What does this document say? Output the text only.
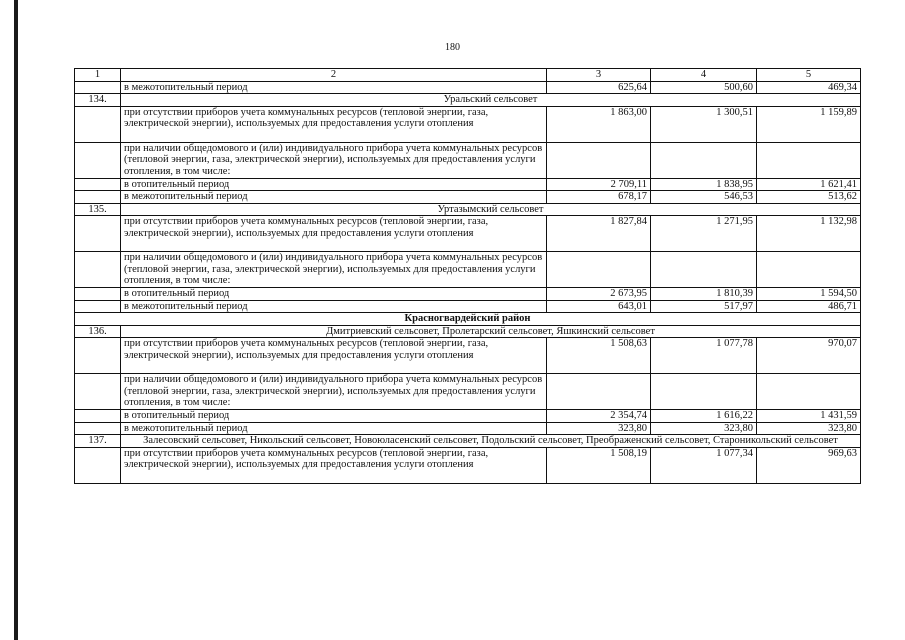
180
1	2	3	4	5
	в межотопительный период	625,64	500,60	469,34
134.	Уральский сельсовет			
	при отсутствии приборов учета коммунальных ресурсов (тепловой энергии, газа, электрической энергии), используемых для предоставления услуги отопления	1 863,00	1 300,51	1 159,89
	при наличии общедомового и (или) индивидуального прибора учета коммунальных ресурсов (тепловой энергии, газа, электрической энергии), используемых для предоставления услуги отопления, в том числе:			
	в отопительный период	2 709,11	1 838,95	1 621,41
	в межотопительный период	678,17	546,53	513,62
135.	Уртазымский сельсовет			
	при отсутствии приборов учета коммунальных ресурсов (тепловой энергии, газа, электрической энергии), используемых для предоставления услуги отопления	1 827,84	1 271,95	1 132,98
	при наличии общедомового и (или) индивидуального прибора учета коммунальных ресурсов (тепловой энергии, газа, электрической энергии), используемых для предоставления услуги отопления, в том числе:			
	в отопительный период	2 673,95	1 810,39	1 594,50
	в межотопительный период	643,01	517,97	486,71
Красногвардейский район				
136.	Дмитриевский сельсовет, Пролетарский сельсовет, Яшкинский сельсовет			
	при отсутствии приборов учета коммунальных ресурсов (тепловой энергии, газа, электрической энергии), используемых для предоставления услуги отопления	1 508,63	1 077,78	970,07
	при наличии общедомового и (или) индивидуального прибора учета коммунальных ресурсов (тепловой энергии, газа, электрической энергии), используемых для предоставления услуги отопления, в том числе:			
	в отопительный период	2 354,74	1 616,22	1 431,59
	в межотопительный период	323,80	323,80	323,80
137.	Залесовский сельсовет, Никольский сельсовет, Новоюласенский сельсовет, Подольский сельсовет, Преображенский сельсовет, Староникольский сельсовет			
	при отсутствии приборов учета коммунальных ресурсов (тепловой энергии, газа, электрической энергии), используемых для предоставления услуги отопления	1 508,19	1 077,34	969,63
